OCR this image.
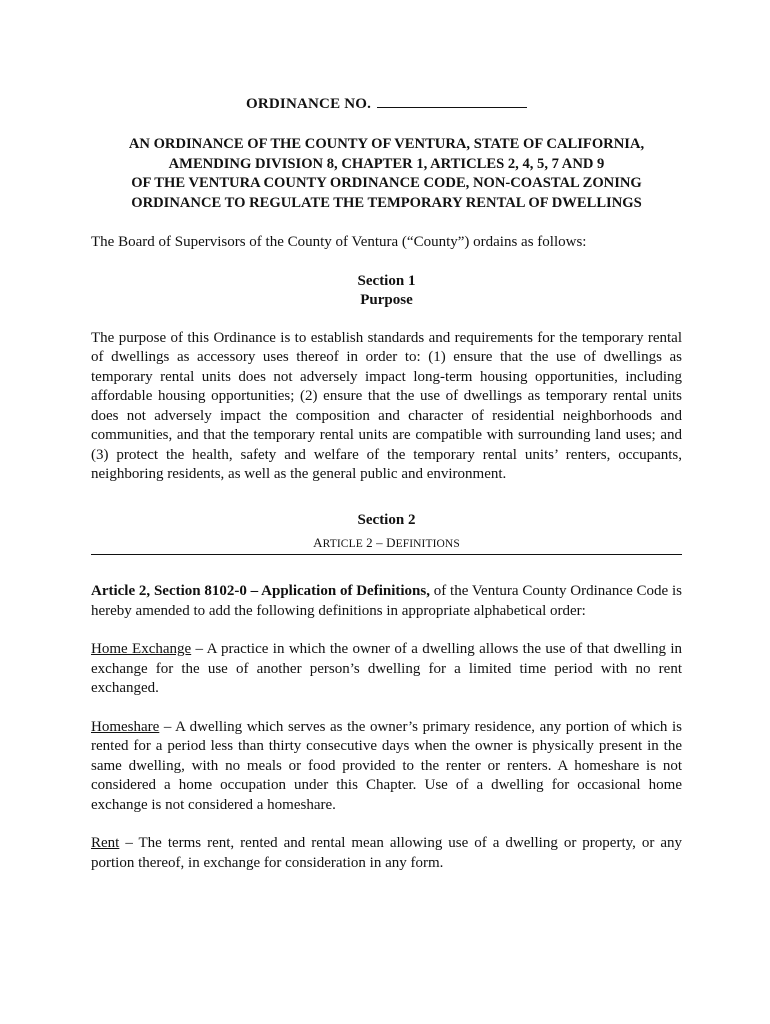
ORDINANCE NO.
AN ORDINANCE OF THE COUNTY OF VENTURA, STATE OF CALIFORNIA,
AMENDING DIVISION 8, CHAPTER 1, ARTICLES 2, 4, 5, 7 AND 9
OF THE VENTURA COUNTY ORDINANCE CODE, NON-COASTAL ZONING
ORDINANCE TO REGULATE THE TEMPORARY RENTAL OF DWELLINGS
The Board of Supervisors of the County of Ventura (“County”) ordains as follows:
Section 1
Purpose
The purpose of this Ordinance is to establish standards and requirements for the temporary rental of dwellings as accessory uses thereof in order to: (1) ensure that the use of dwellings as temporary rental units does not adversely impact long-term housing opportunities, including affordable housing opportunities; (2) ensure that the use of dwellings as temporary rental units does not adversely impact the composition and character of residential neighborhoods and communities, and that the temporary rental units are compatible with surrounding land uses; and (3) protect the health, safety and welfare of the temporary rental units’ renters, occupants, neighboring residents, as well as the general public and environment.
Section 2
ARTICLE 2 – DEFINITIONS
Article 2, Section 8102-0 – Application of Definitions, of the Ventura County Ordinance Code is hereby amended to add the following definitions in appropriate alphabetical order:
Home Exchange – A practice in which the owner of a dwelling allows the use of that dwelling in exchange for the use of another person’s dwelling for a limited time period with no rent exchanged.
Homeshare – A dwelling which serves as the owner’s primary residence, any portion of which is rented for a period less than thirty consecutive days when the owner is physically present in the same dwelling, with no meals or food provided to the renter or renters. A homeshare is not considered a home occupation under this Chapter. Use of a dwelling for occasional home exchange is not considered a homeshare.
Rent – The terms rent, rented and rental mean allowing use of a dwelling or property, or any portion thereof, in exchange for consideration in any form.
